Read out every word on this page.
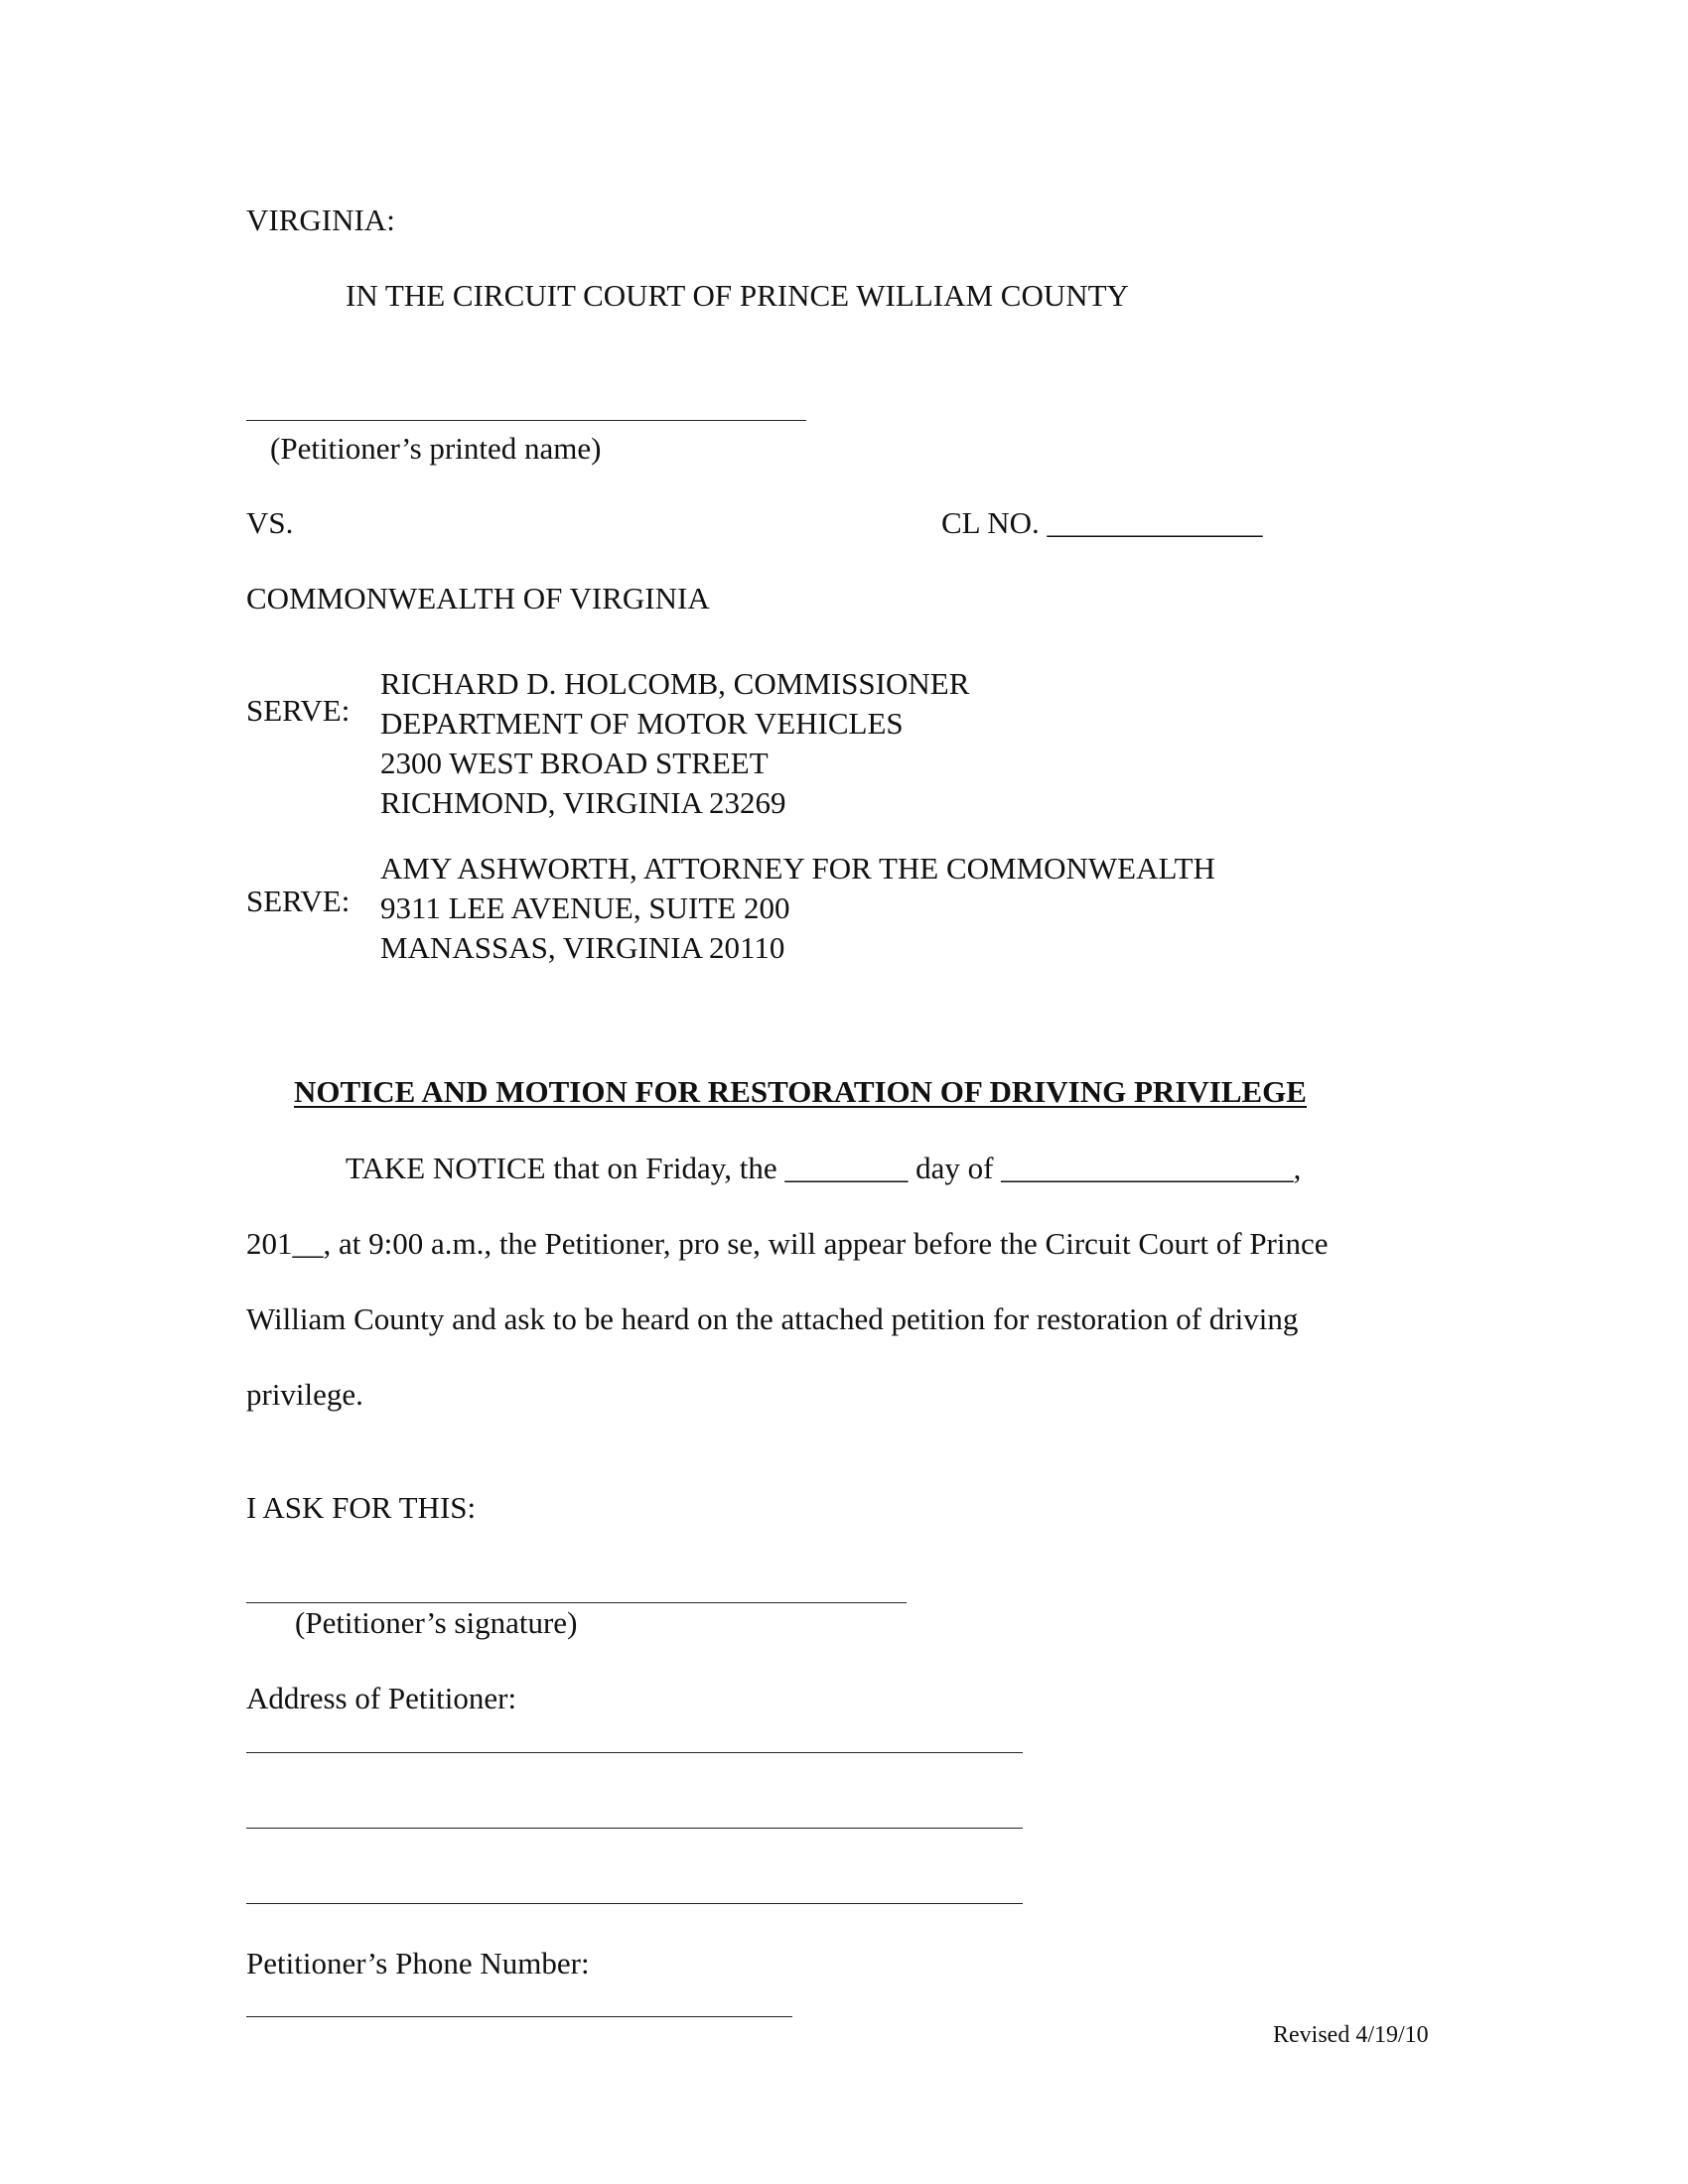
VIRGINIA:
IN THE CIRCUIT COURT OF PRINCE WILLIAM COUNTY
(Petitioner’s printed name)
VS.	CL NO. ______________
COMMONWEALTH OF VIRGINIA
SERVE:
RICHARD D. HOLCOMB, COMMISSIONER
DEPARTMENT OF MOTOR VEHICLES
2300 WEST BROAD STREET
RICHMOND, VIRGINIA 23269
SERVE:
AMY ASHWORTH, ATTORNEY FOR THE COMMONWEALTH
9311 LEE AVENUE, SUITE 200
MANASSAS, VIRGINIA 20110
NOTICE AND MOTION FOR RESTORATION OF DRIVING PRIVILEGE
TAKE NOTICE that on Friday, the ________ day of ___________________,
201__, at 9:00 a.m., the Petitioner, pro se, will appear before the Circuit Court of Prince
William County and ask to be heard on the attached petition for restoration of driving
privilege.
I ASK FOR THIS:
(Petitioner’s signature)
Address of Petitioner:
Petitioner’s Phone Number:
Revised 4/19/10
